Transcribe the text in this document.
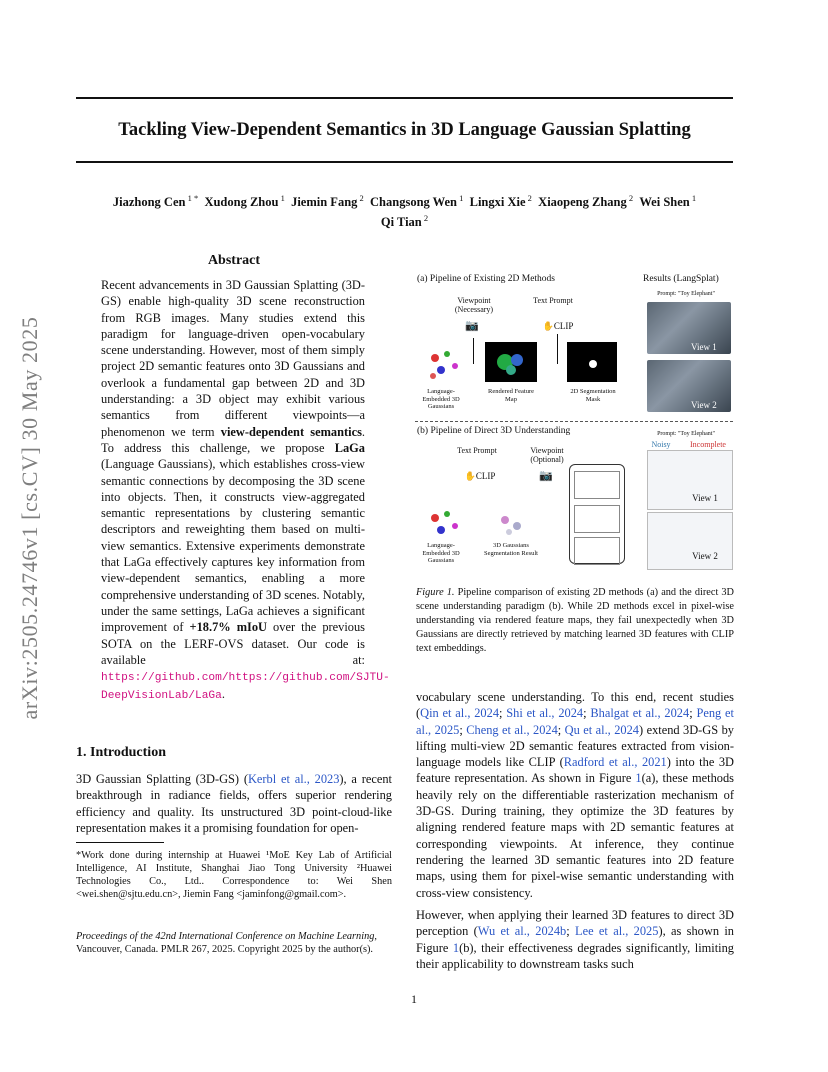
Tackling View-Dependent Semantics in 3D Language Gaussian Splatting
Jiazhong Cen $^{1 *}$ Xudong Zhou $^1$ Jiemin Fang $^2$ Changsong Wen $^1$ Lingxi Xie $^2$ Xiaopeng Zhang $^2$ Wei Shen $^1$
Qi Tian $^2$
arXiv:2505.24746v1 [cs.CV] 30 May 2025
Abstract
Recent advancements in 3D Gaussian Splatting (3D-GS) enable high-quality 3D scene reconstruction from RGB images. Many studies extend this paradigm for language-driven open-vocabulary scene understanding. However, most of them simply project 2D semantic features onto 3D Gaussians and overlook a fundamental gap between 2D and 3D understanding: a 3D object may exhibit various semantics from different viewpoints—a phenomenon we term view-dependent semantics. To address this challenge, we propose LaGa (Language Gaussians), which establishes cross-view semantic connections by decomposing the 3D scene into objects. Then, it constructs view-aggregated semantic representations by clustering semantic descriptors and reweighting them based on multi-view semantics. Extensive experiments demonstrate that LaGa effectively captures key information from view-dependent semantics, enabling a more comprehensive understanding of 3D scenes. Notably, under the same settings, LaGa achieves a significant improvement of +18.7% mIoU over the previous SOTA on the LERF-OVS dataset. Our code is available at: https://github.com/https://github.com/SJTU-DeepVisionLab/LaGa.
1. Introduction
3D Gaussian Splatting (3D-GS) (Kerbl et al., 2023), a recent breakthrough in radiance fields, offers superior rendering efficiency and quality. Its unstructured 3D point-cloud-like representation makes it a promising foundation for open-
*Work done during internship at Huawei ¹MoE Key Lab of Artificial Intelligence, AI Institute, Shanghai Jiao Tong University ²Huawei Technologies Co., Ltd.. Correspondence to: Wei Shen <wei.shen@sjtu.edu.cn>, Jiemin Fang <jaminfong@gmail.com>.
Proceedings of the 42nd International Conference on Machine Learning, Vancouver, Canada. PMLR 267, 2025. Copyright 2025 by the author(s).
(a) Pipeline of Existing 2D Methods	Results (LangSplat)
Prompt: "Toy Elephant"
Viewpoint (Necessary)
Text Prompt
📷	✋CLIP
Language-Embedded 3D Gaussians
Rendered Feature Map
2D Segmentation Mask
View 1
View 2
(b) Pipeline of Direct 3D Understanding	Prompt: "Toy Elephant"
Text Prompt	Viewpoint (Optional)
✋CLIP	📷
Language-Embedded 3D Gaussians
3D Gaussians Segmentation Result
Noisy	Incomplete
View 1
View 2
Figure 1. Pipeline comparison of existing 2D methods (a) and the direct 3D scene understanding paradigm (b). While 2D methods excel in pixel-wise understanding via rendered feature maps, they fail unexpectedly when 3D Gaussians are directly retrieved by matching learned 3D features with CLIP text embeddings.
vocabulary scene understanding. To this end, recent studies (Qin et al., 2024; Shi et al., 2024; Bhalgat et al., 2024; Peng et al., 2025; Cheng et al., 2024; Qu et al., 2024) extend 3D-GS by lifting multi-view 2D semantic features extracted from vision-language models like CLIP (Radford et al., 2021) into the 3D feature representation. As shown in Figure 1(a), these methods heavily rely on the differentiable rasterization mechanism of 3D-GS. During training, they optimize the 3D features by aligning rendered feature maps with 2D semantic features at corresponding viewpoints. At inference, they continue rendering the learned 3D semantic features into 2D feature maps, using them for pixel-wise semantic understanding with cross-view consistency.
However, when applying their learned 3D features to direct 3D perception (Wu et al., 2024b; Lee et al., 2025), as shown in Figure 1(b), their effectiveness degrades significantly, limiting their applicability to downstream tasks such
1
